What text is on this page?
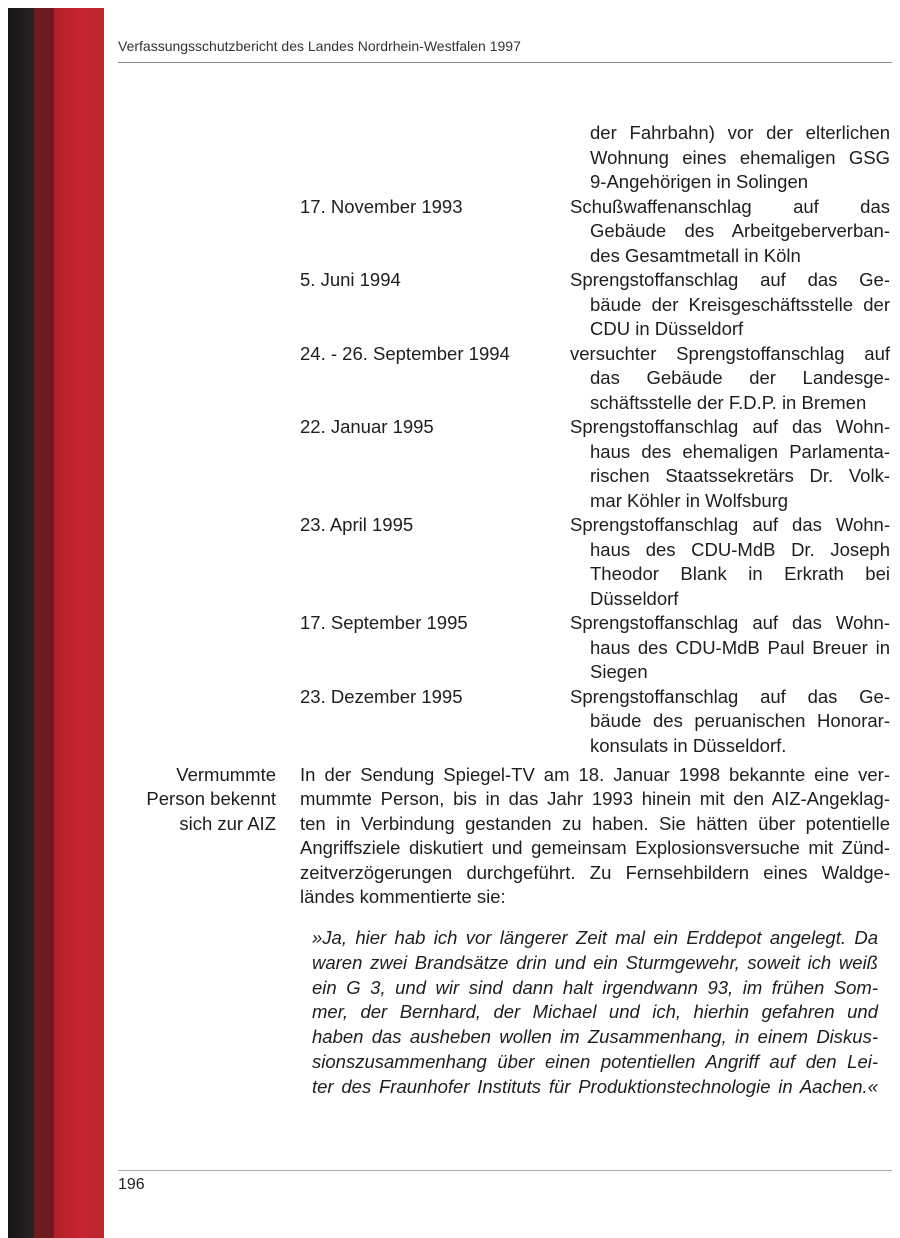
Verfassungsschutzbericht des Landes Nordrhein-Westfalen 1997
der Fahrbahn) vor der elterlichen
Wohnung eines ehemaligen GSG
9-Angehörigen in Solingen
17. November 1993	Schußwaffenanschlag auf das
Gebäude des Arbeitgeberverban-
des Gesamtmetall in Köln
5. Juni 1994	Sprengstoffanschlag auf das Ge-
bäude der Kreisgeschäftsstelle der
CDU in Düsseldorf
24. - 26. September 1994	versuchter Sprengstoffanschlag auf
das Gebäude der Landesge-
schäftsstelle der F.D.P. in Bremen
22. Januar 1995	Sprengstoffanschlag auf das Wohn-
haus des ehemaligen Parlamenta-
rischen Staatssekretärs Dr. Volk-
mar Köhler in Wolfsburg
23. April 1995	Sprengstoffanschlag auf das Wohn-
haus des CDU-MdB Dr. Joseph
Theodor Blank in Erkrath bei
Düsseldorf
17. September 1995	Sprengstoffanschlag auf das Wohn-
haus des CDU-MdB Paul Breuer in
Siegen
23. Dezember 1995	Sprengstoffanschlag auf das Ge-
bäude des peruanischen Honorar-
konsulats in Düsseldorf.
Vermummte
Person bekennt
sich zur AIZ
In der Sendung Spiegel-TV am 18. Januar 1998 bekannte eine ver-
mummte Person, bis in das Jahr 1993 hinein mit den AIZ-Angeklag-
ten in Verbindung gestanden zu haben. Sie hätten über potentielle
Angriffsziele diskutiert und gemeinsam Explosionsversuche mit Zünd-
zeitverzögerungen durchgeführt. Zu Fernsehbildern eines Waldge-
ländes kommentierte sie:
»Ja, hier hab ich vor längerer Zeit mal ein Erddepot angelegt. Da
waren zwei Brandsätze drin und ein Sturmgewehr, soweit ich weiß
ein G 3, und wir sind dann halt irgendwann 93, im frühen Som-
mer, der Bernhard, der Michael und ich, hierhin gefahren und
haben das ausheben wollen im Zusammenhang, in einem Diskus-
sionszusammenhang über einen potentiellen Angriff auf den Lei-
ter des Fraunhofer Instituts für Produktionstechnologie in Aachen.«
196
